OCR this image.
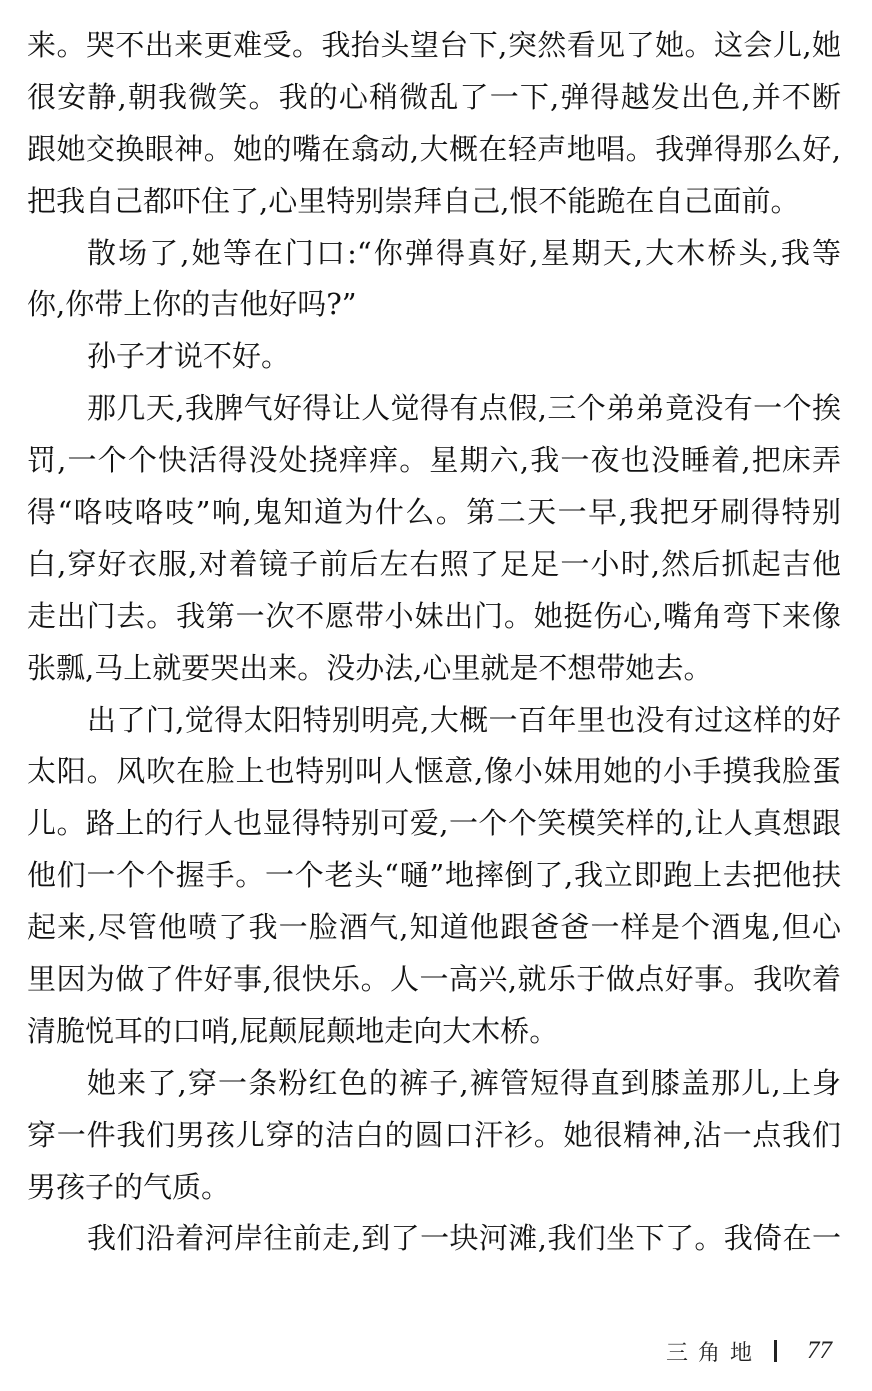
来。哭不出来更难受。我抬头望台下,突然看见了她。这会儿,她
很安静,朝我微笑。我的心稍微乱了一下,弹得越发出色,并不断
跟她交换眼神。她的嘴在翕动,大概在轻声地唱。我弹得那么好,
把我自己都吓住了,心里特别崇拜自己,恨不能跪在自己面前。
散场了,她等在门口:“你弹得真好,星期天,大木桥头,我等
你,你带上你的吉他好吗?”
孙子才说不好。
那几天,我脾气好得让人觉得有点假,三个弟弟竟没有一个挨
罚,一个个快活得没处挠痒痒。星期六,我一夜也没睡着,把床弄
得“咯吱咯吱”响,鬼知道为什么。第二天一早,我把牙刷得特别
白,穿好衣服,对着镜子前后左右照了足足一小时,然后抓起吉他
走出门去。我第一次不愿带小妹出门。她挺伤心,嘴角弯下来像
张瓢,马上就要哭出来。没办法,心里就是不想带她去。
出了门,觉得太阳特别明亮,大概一百年里也没有过这样的好
太阳。风吹在脸上也特别叫人惬意,像小妹用她的小手摸我脸蛋
儿。路上的行人也显得特别可爱,一个个笑模笑样的,让人真想跟
他们一个个握手。一个老头“嗵”地摔倒了,我立即跑上去把他扶
起来,尽管他喷了我一脸酒气,知道他跟爸爸一样是个酒鬼,但心
里因为做了件好事,很快乐。人一高兴,就乐于做点好事。我吹着
清脆悦耳的口哨,屁颠屁颠地走向大木桥。
她来了,穿一条粉红色的裤子,裤管短得直到膝盖那儿,上身
穿一件我们男孩儿穿的洁白的圆口汗衫。她很精神,沾一点我们
男孩子的气质。
我们沿着河岸往前走,到了一块河滩,我们坐下了。我倚在一
三角地 77
